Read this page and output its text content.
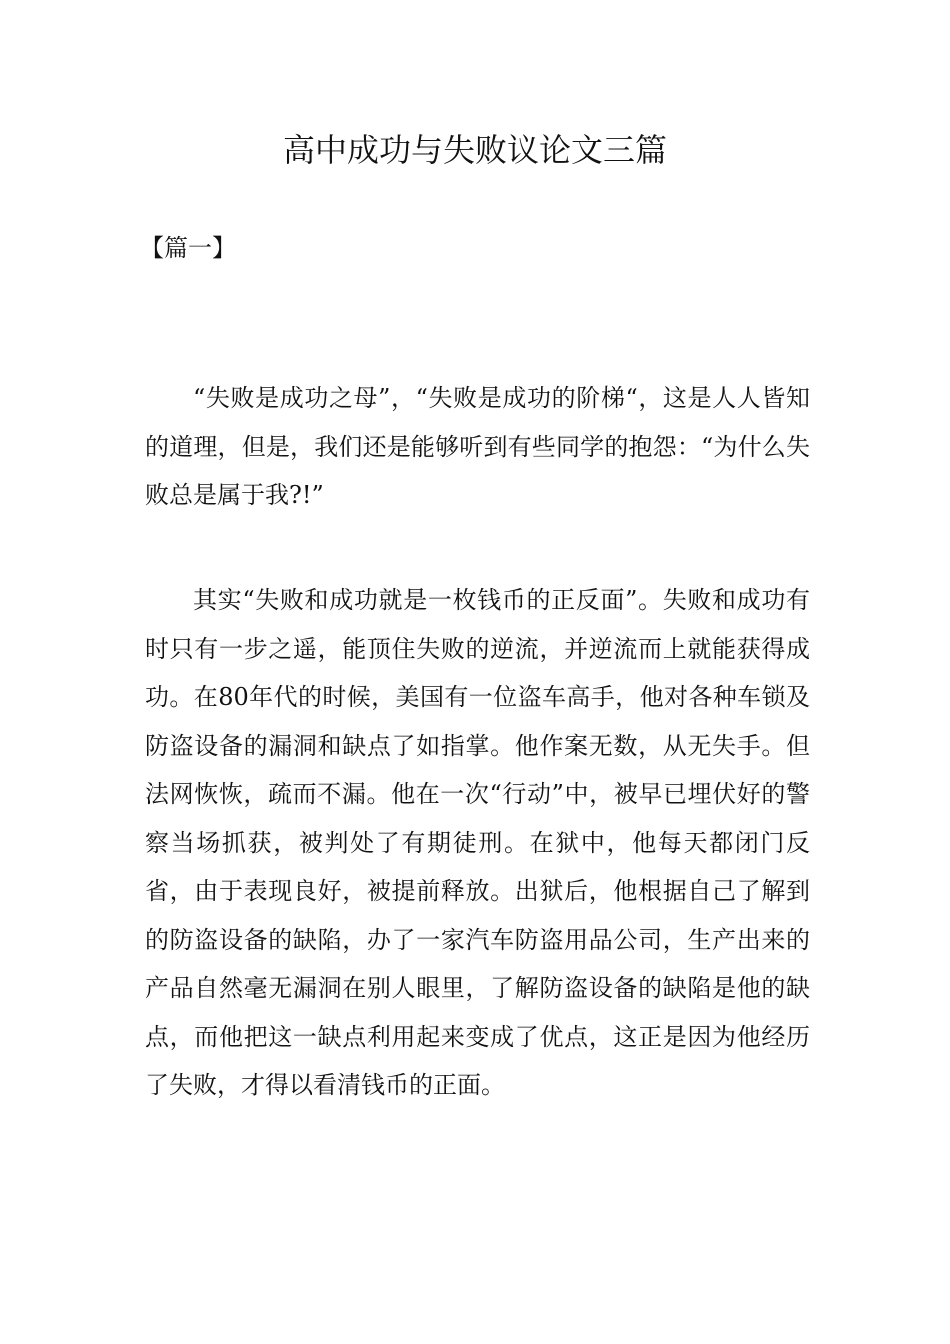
高中成功与失败议论文三篇

【篇一】

“失败是成功之母”，“失败是成功的阶梯“，这是人人皆知的道理，但是，我们还是能够听到有些同学的抱怨：“为什么失败总是属于我?!”

其实“失败和成功就是一枚钱币的正反面”。失败和成功有时只有一步之遥，能顶住失败的逆流，并逆流而上就能获得成功。在80年代的时候，美国有一位盗车高手，他对各种车锁及防盗设备的漏洞和缺点了如指掌。他作案无数，从无失手。但法网恢恢，疏而不漏。他在一次“行动”中，被早已埋伏好的警察当场抓获，被判处了有期徒刑。在狱中，他每天都闭门反省，由于表现良好，被提前释放。出狱后，他根据自己了解到的防盗设备的缺陷，办了一家汽车防盗用品公司，生产出来的产品自然毫无漏洞在别人眼里，了解防盗设备的缺陷是他的缺点，而他把这一缺点利用起来变成了优点，这正是因为他经历了失败，才得以看清钱币的正面。
